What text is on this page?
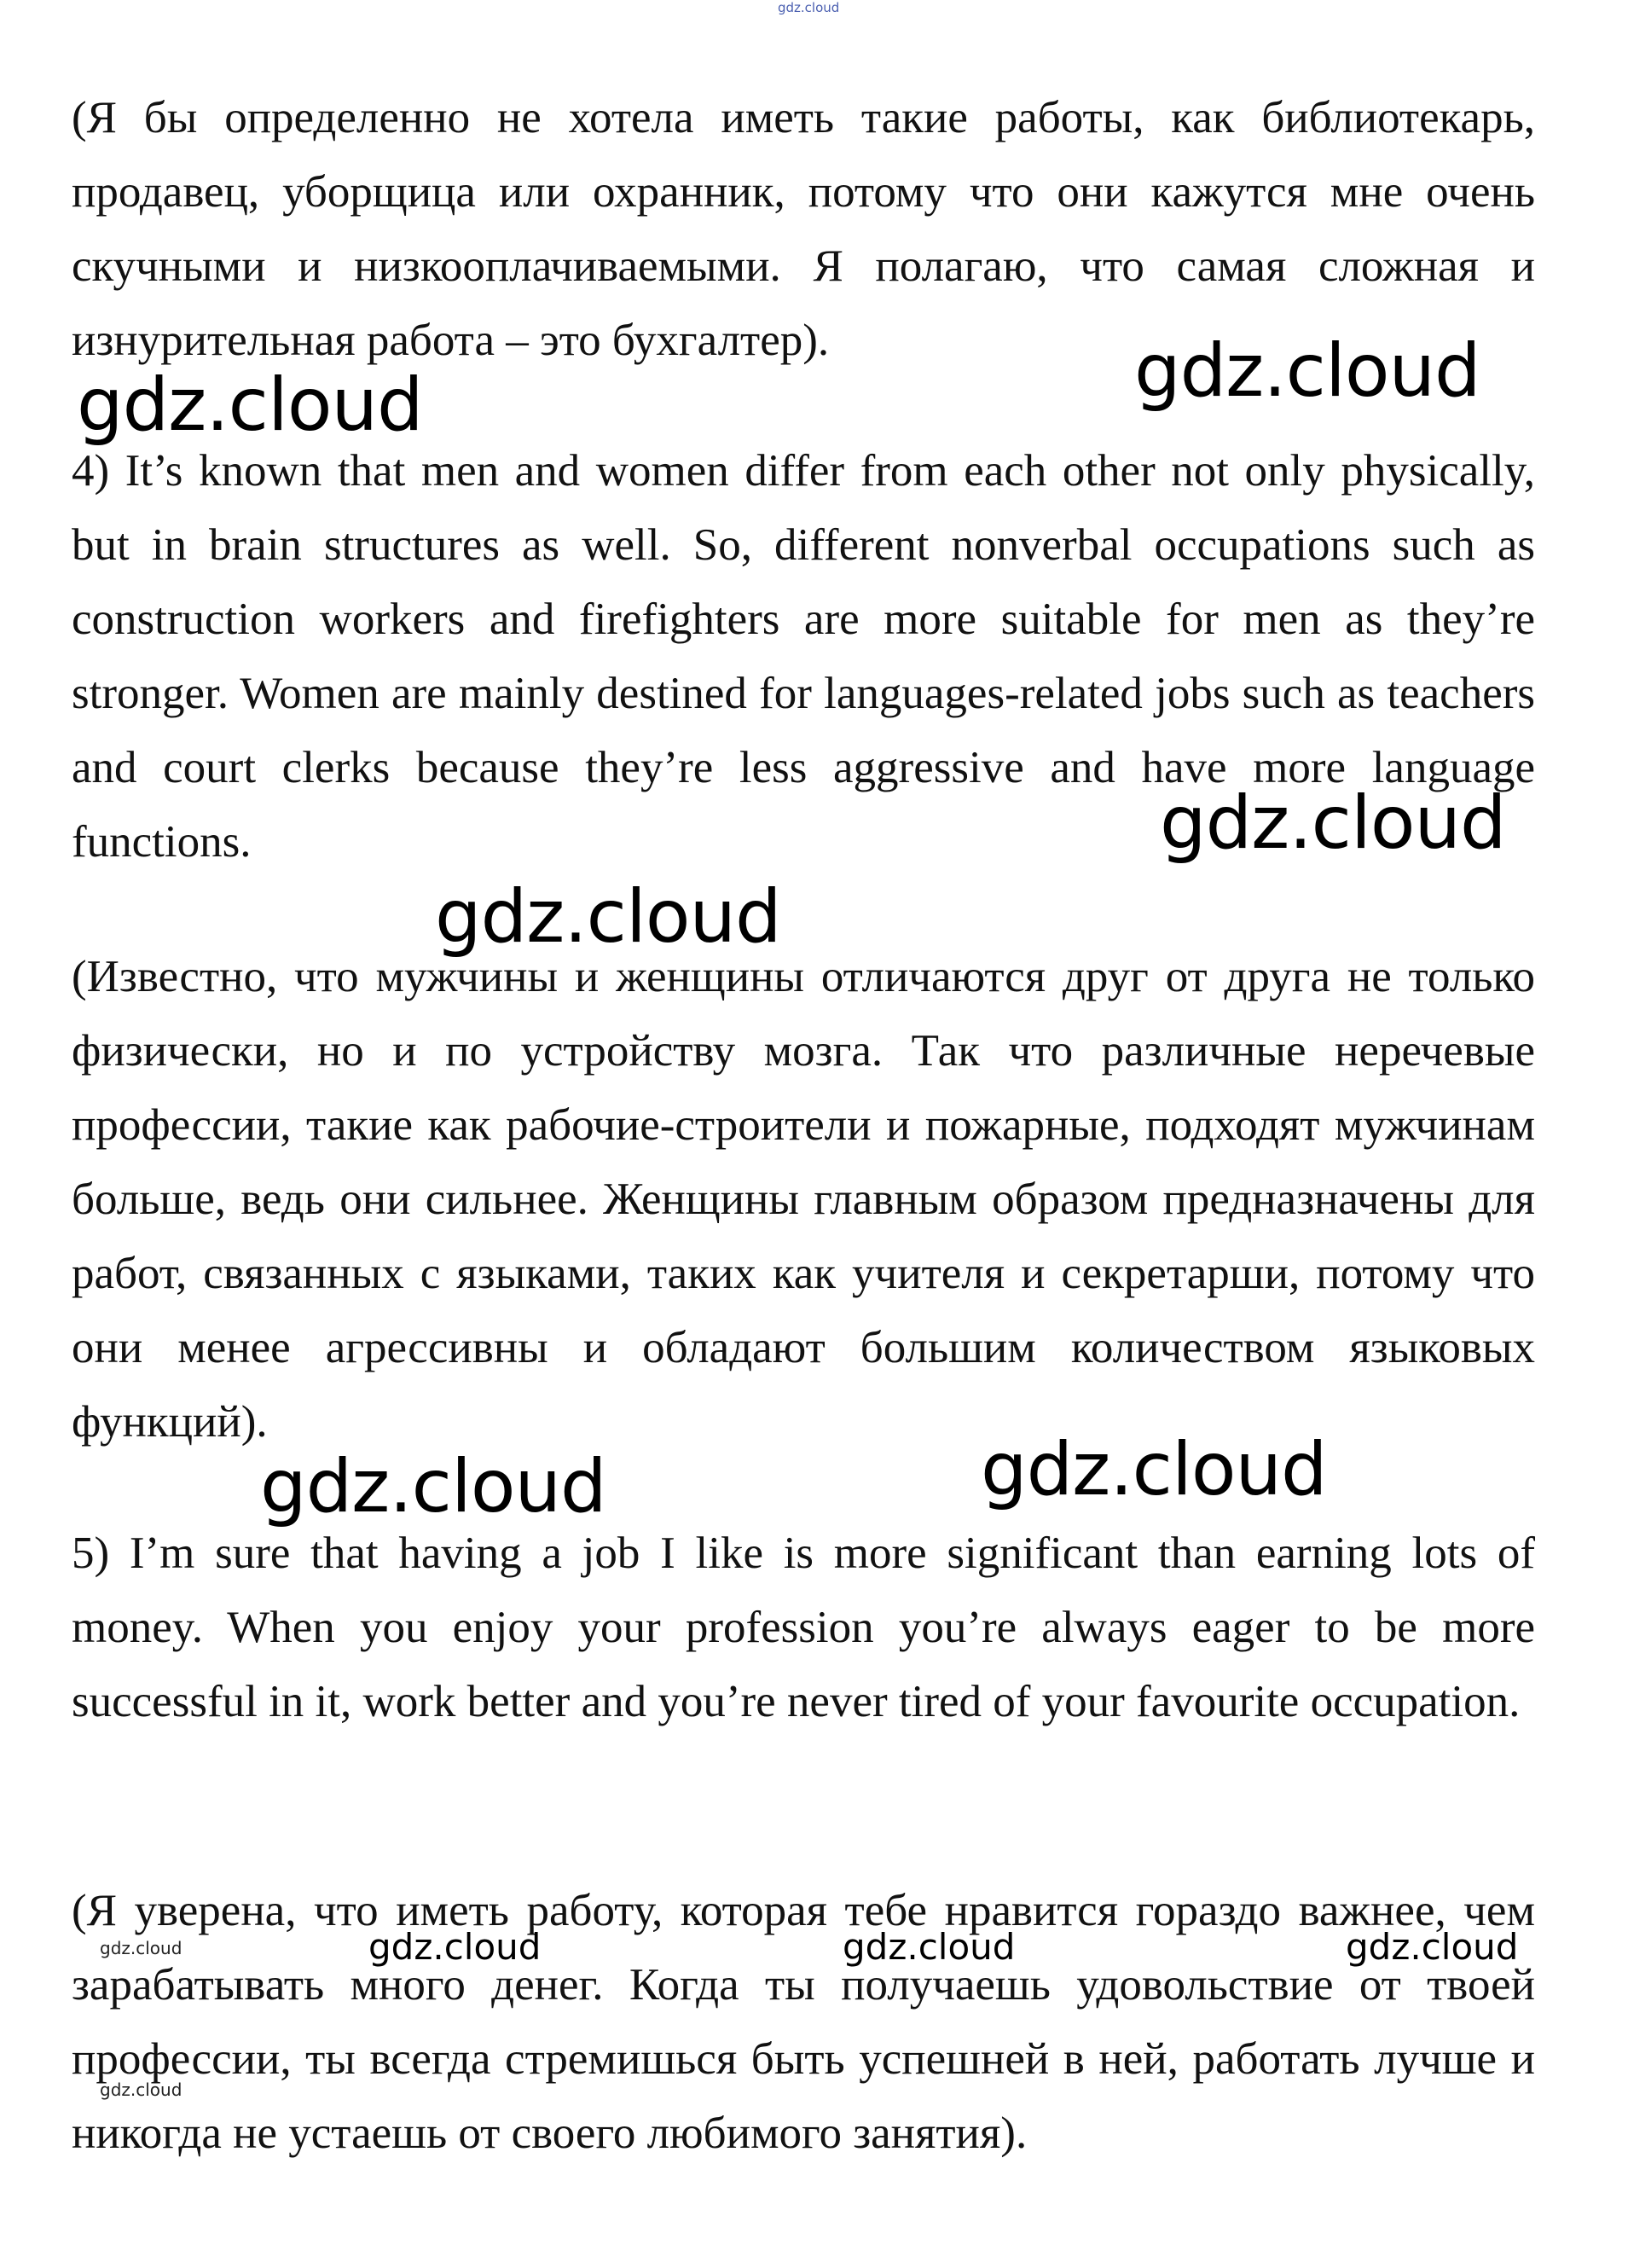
gdz.cloud

(Я бы определенно не хотела иметь такие работы, как библиотекарь, продавец, уборщица или охранник, потому что они кажутся мне очень скучными и низкооплачиваемыми. Я полагаю, что самая сложная и изнурительная работа – это бухгалтер).	gdz.cloud
gdz.cloud

4) It’s known that men and women differ from each other not only physically, but in brain structures as well. So, different nonverbal occupations such as construction workers and firefighters are more suitable for men as they’re stronger. Women are mainly destined for languages-related jobs such as teachers and court clerks because they’re less aggressive and have more language functions.	gdz.cloud
gdz.cloud

(Известно, что мужчины и женщины отличаются друг от друга не только физически, но и по устройству мозга. Так что различные неречевые профессии, такие как рабочие-строители и пожарные, подходят мужчинам больше, ведь они сильнее. Женщины главным образом предназначены для работ, связанных с языками, таких как учителя и секретарши, потому что они менее агрессивны и обладают большим количеством языковых функций).

gdz.cloud
gdz.cloud

5) I’m sure that having a job I like is more significant than earning lots of money. When you enjoy your profession you’re always eager to be more successful in it, work better and you’re never tired of your favourite occupation.

(Я уверена, что иметь работу, которая тебе нравится гораздо важнее, чем зарабатывать много денег. Когда ты получаешь удовольствие от твоей профессии, ты всегда стремишься быть успешней в ней, работать лучше и никогда не устаешь от своего любимого занятия).

gdz.cloud	gdz.cloud	gdz.cloud
gdz.cloud
gdz.cloud
